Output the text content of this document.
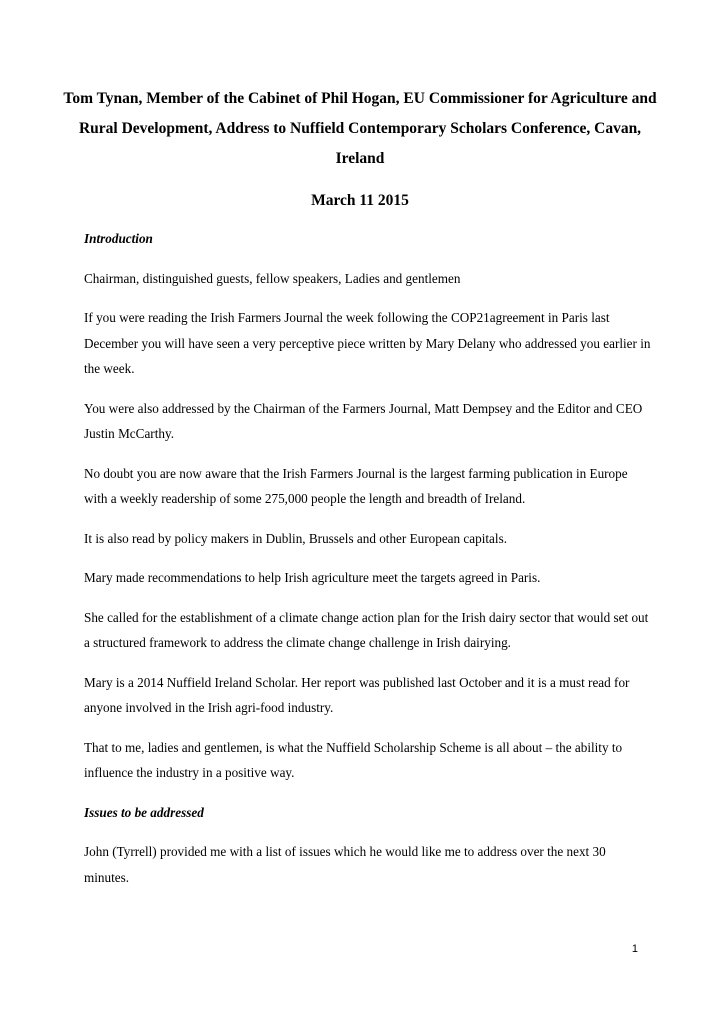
Tom Tynan, Member of the Cabinet of Phil Hogan, EU Commissioner for Agriculture and Rural Development, Address to Nuffield Contemporary Scholars Conference, Cavan, Ireland
March 11 2015
Introduction

Chairman, distinguished guests, fellow speakers, Ladies and gentlemen

If you were reading the Irish Farmers Journal the week following the COP21agreement in Paris last December you will have seen a very perceptive piece written by Mary Delany who addressed you earlier in the week.

You were also addressed by the Chairman of the Farmers Journal, Matt Dempsey and the Editor and CEO Justin McCarthy.

No doubt you are now aware that the Irish Farmers Journal is the largest farming publication in Europe with a weekly readership of some 275,000 people the length and breadth of Ireland.

It is also read by policy makers in Dublin, Brussels and other European capitals.

Mary made recommendations to help Irish agriculture meet the targets agreed in Paris.

She called for the establishment of a climate change action plan for the Irish dairy sector that would set out a structured framework to address the climate change challenge in Irish dairying.

Mary is a 2014 Nuffield Ireland Scholar. Her report was published last October and it is a must read for anyone involved in the Irish agri-food industry.

That to me, ladies and gentlemen, is what the Nuffield Scholarship Scheme is all about – the ability to influence the industry in a positive way.

Issues to be addressed

John (Tyrrell) provided me with a list of issues which he would like me to address over the next 30 minutes.

1
